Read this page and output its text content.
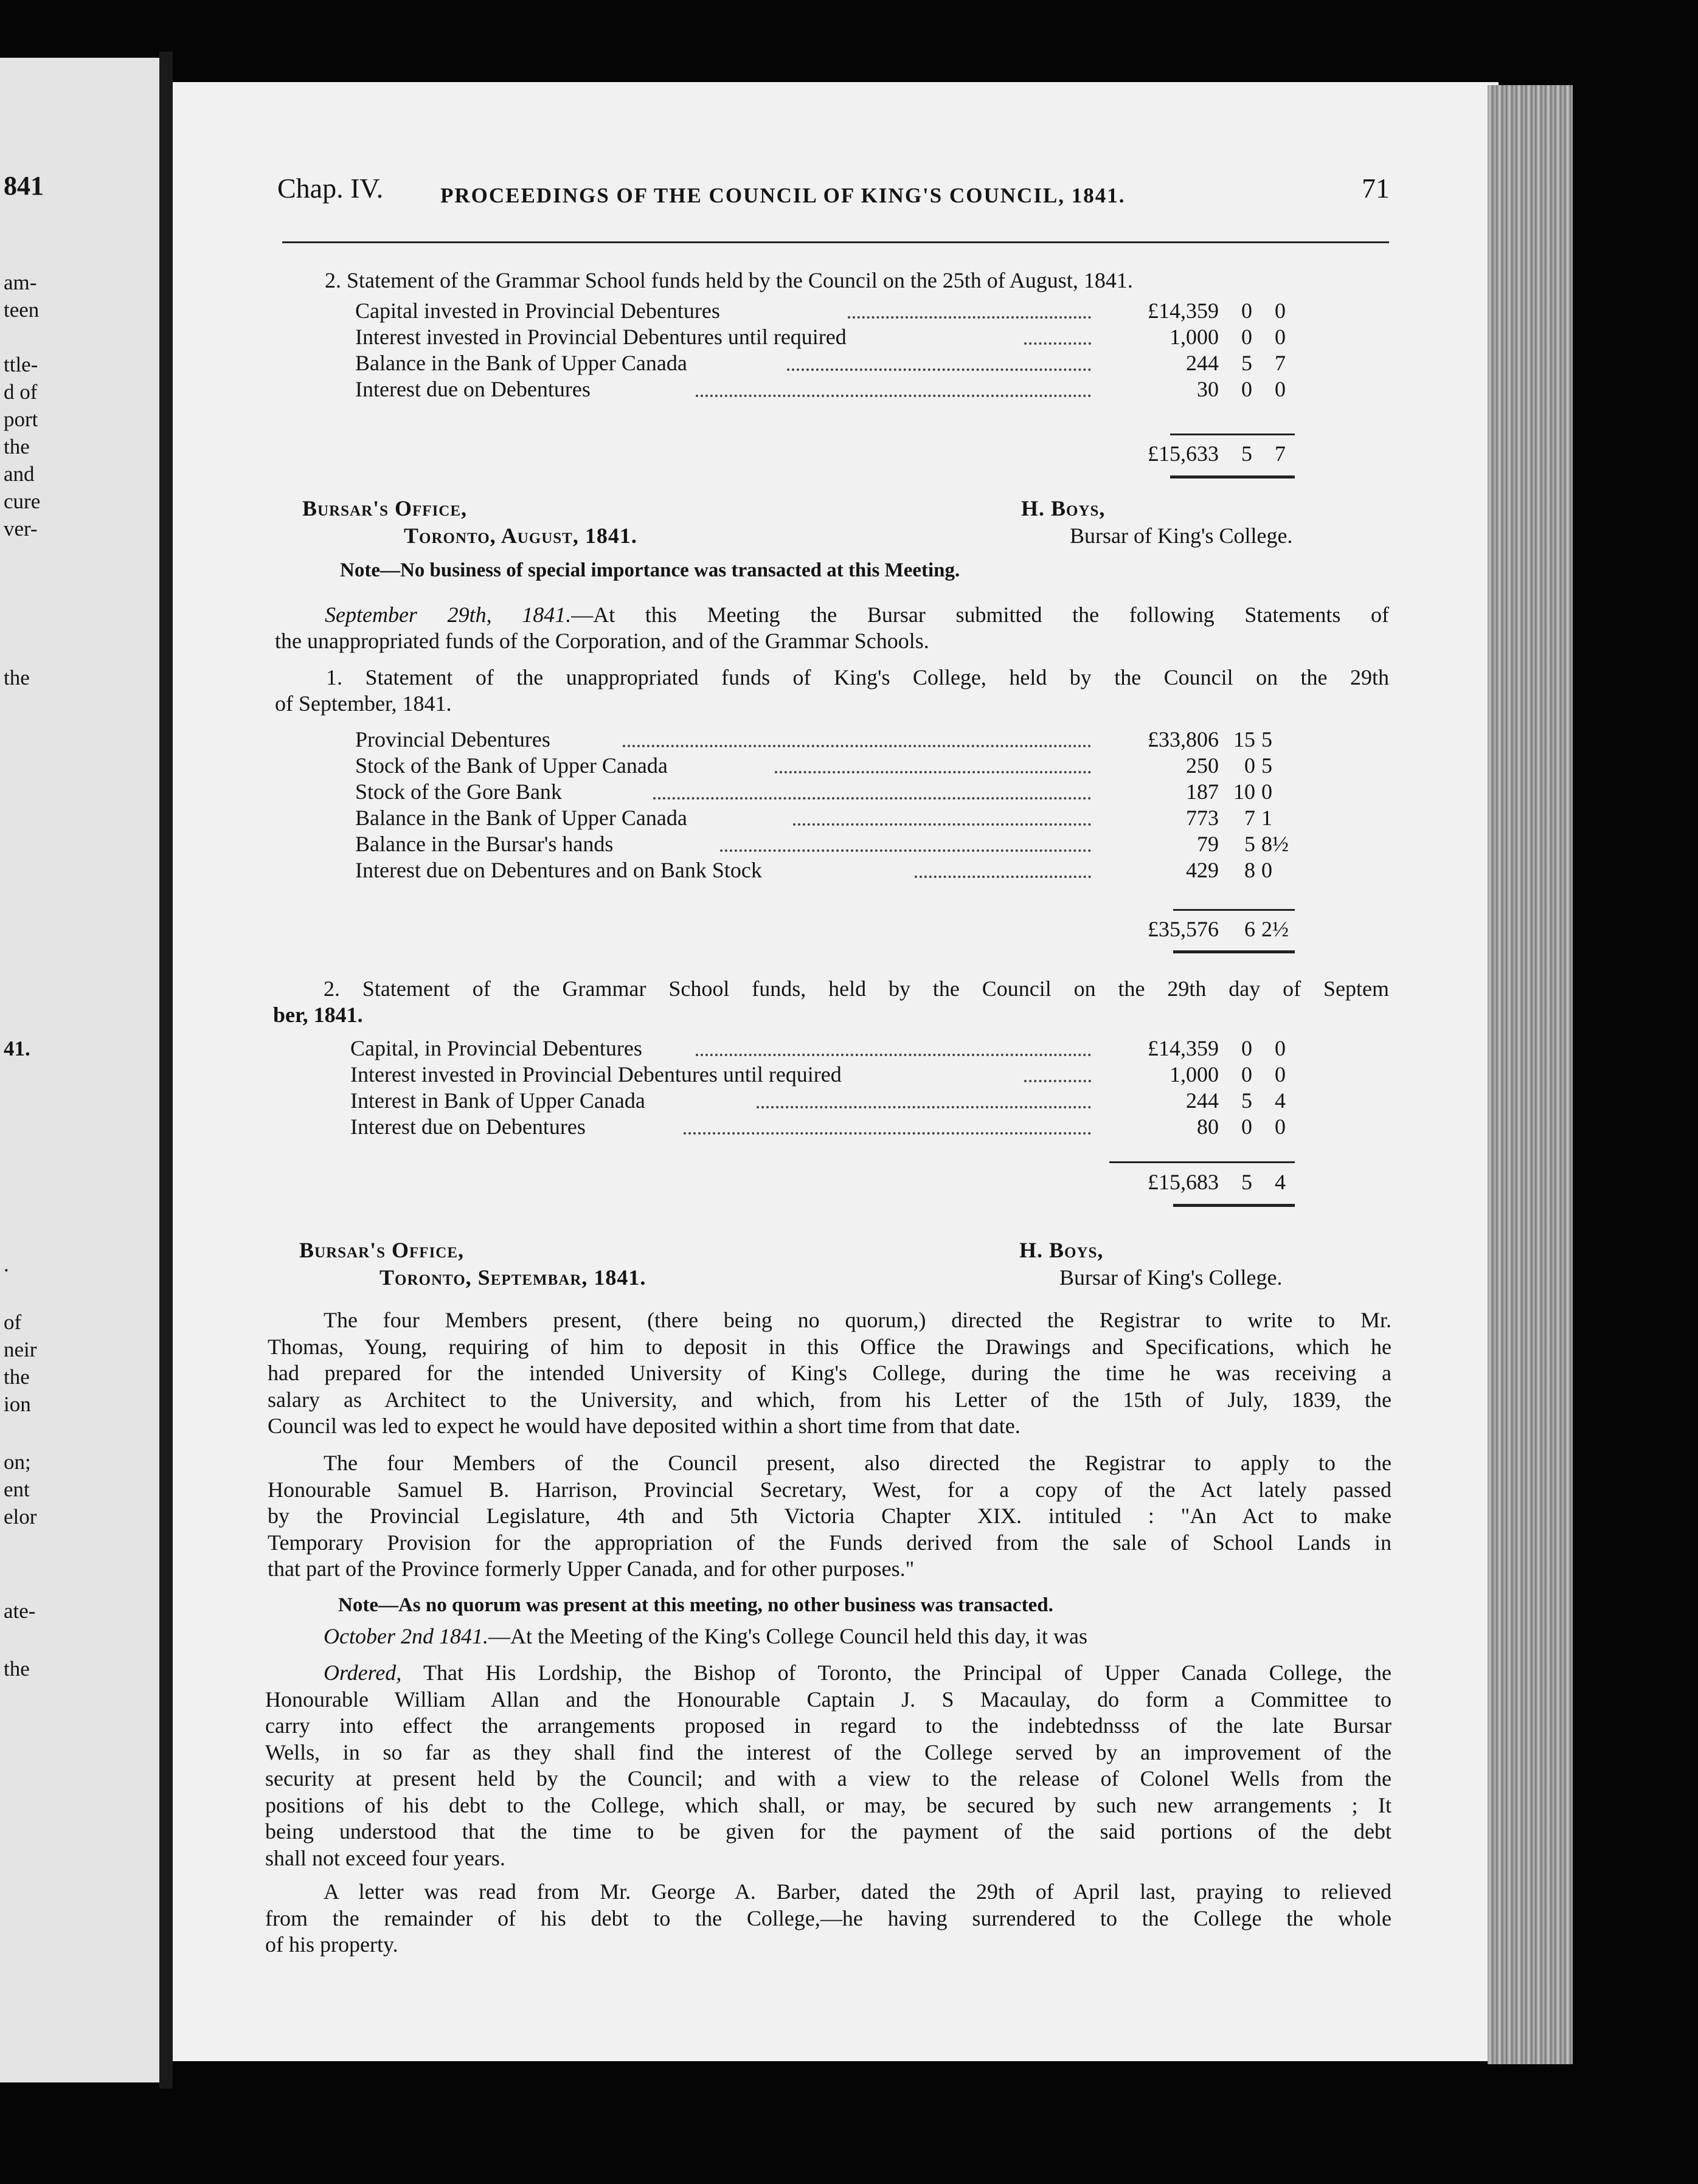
841
am-
teen
ttle-
d of
port
the
and
cure
ver-
the
41.
.
of
neir
the
ion
on;
ent
elor
ate-
the
Chap. IV.	PROCEEDINGS OF THE COUNCIL OF KING'S COUNCIL, 1841.	71
2. Statement of the Grammar School funds held by the Council on the 25th of August, 1841.
Capital invested in Provincial Debentures	£14,359	0	0
Interest invested in Provincial Debentures until required	1,000	0	0
Balance in the Bank of Upper Canada	244	5	7
Interest due on Debentures	30	0	0
£15,633	5	7
Bursar's Office,
Toronto, August, 1841.
H. Boys,
Bursar of King's College.
Note—No business of special importance was transacted at this Meeting.
September 29th, 1841.—At this Meeting the Bursar submitted the following Statements of
the unappropriated funds of the Corporation, and of the Grammar Schools.
1. Statement of the unappropriated funds of King's College, held by the Council on the 29th
of September, 1841.
Provincial Debentures	£33,806 15 5
Stock of the Bank of Upper Canada	250	0 5
Stock of the Gore Bank	187 10 0
Balance in the Bank of Upper Canada	773	7 1
Balance in the Bursar's hands	79	5 8½
Interest due on Debentures and on Bank Stock	429	8 0
£35,576	6 2½
2. Statement of the Grammar School funds, held by the Council on the 29th day of Septem
ber, 1841.
Capital, in Provincial Debentures	£14,359	0	0
Interest invested in Provincial Debentures until required	1,000	0	0
Interest in Bank of Upper Canada	244	5	4
Interest due on Debentures	80	0	0
£15,683	5	4
Bursar's Office,
Toronto, Septembar, 1841.
H. Boys,
Bursar of King's College.
The four Members present, (there being no quorum,) directed the Registrar to write to Mr.
Thomas, Young, requiring of him to deposit in this Office the Drawings and Specifications, which he
had prepared for the intended University of King's College, during the time he was receiving a
salary as Architect to the University, and which, from his Letter of the 15th of July, 1839, the
Council was led to expect he would have deposited within a short time from that date.
The four Members of the Council present, also directed the Registrar to apply to the
Honourable Samuel B. Harrison, Provincial Secretary, West, for a copy of the Act lately passed
by the Provincial Legislature, 4th and 5th Victoria Chapter XIX. intituled : "An Act to make
Temporary Provision for the appropriation of the Funds derived from the sale of School Lands in
that part of the Province formerly Upper Canada, and for other purposes."
Note—As no quorum was present at this meeting, no other business was transacted.
October 2nd 1841.—At the Meeting of the King's College Council held this day, it was
Ordered, That His Lordship, the Bishop of Toronto, the Principal of Upper Canada College, the
Honourable William Allan and the Honourable Captain J. S Macaulay, do form a Committee to
carry into effect the arrangements proposed in regard to the indebtednsss of the late Bursar
Wells, in so far as they shall find the interest of the College served by an improvement of the
security at present held by the Council; and with a view to the release of Colonel Wells from the
positions of his debt to the College, which shall, or may, be secured by such new arrangements ; It
being understood that the time to be given for the payment of the said portions of the debt
shall not exceed four years.
A letter was read from Mr. George A. Barber, dated the 29th of April last, praying to relieved
from the remainder of his debt to the College,—he having surrendered to the College the whole
of his property.
